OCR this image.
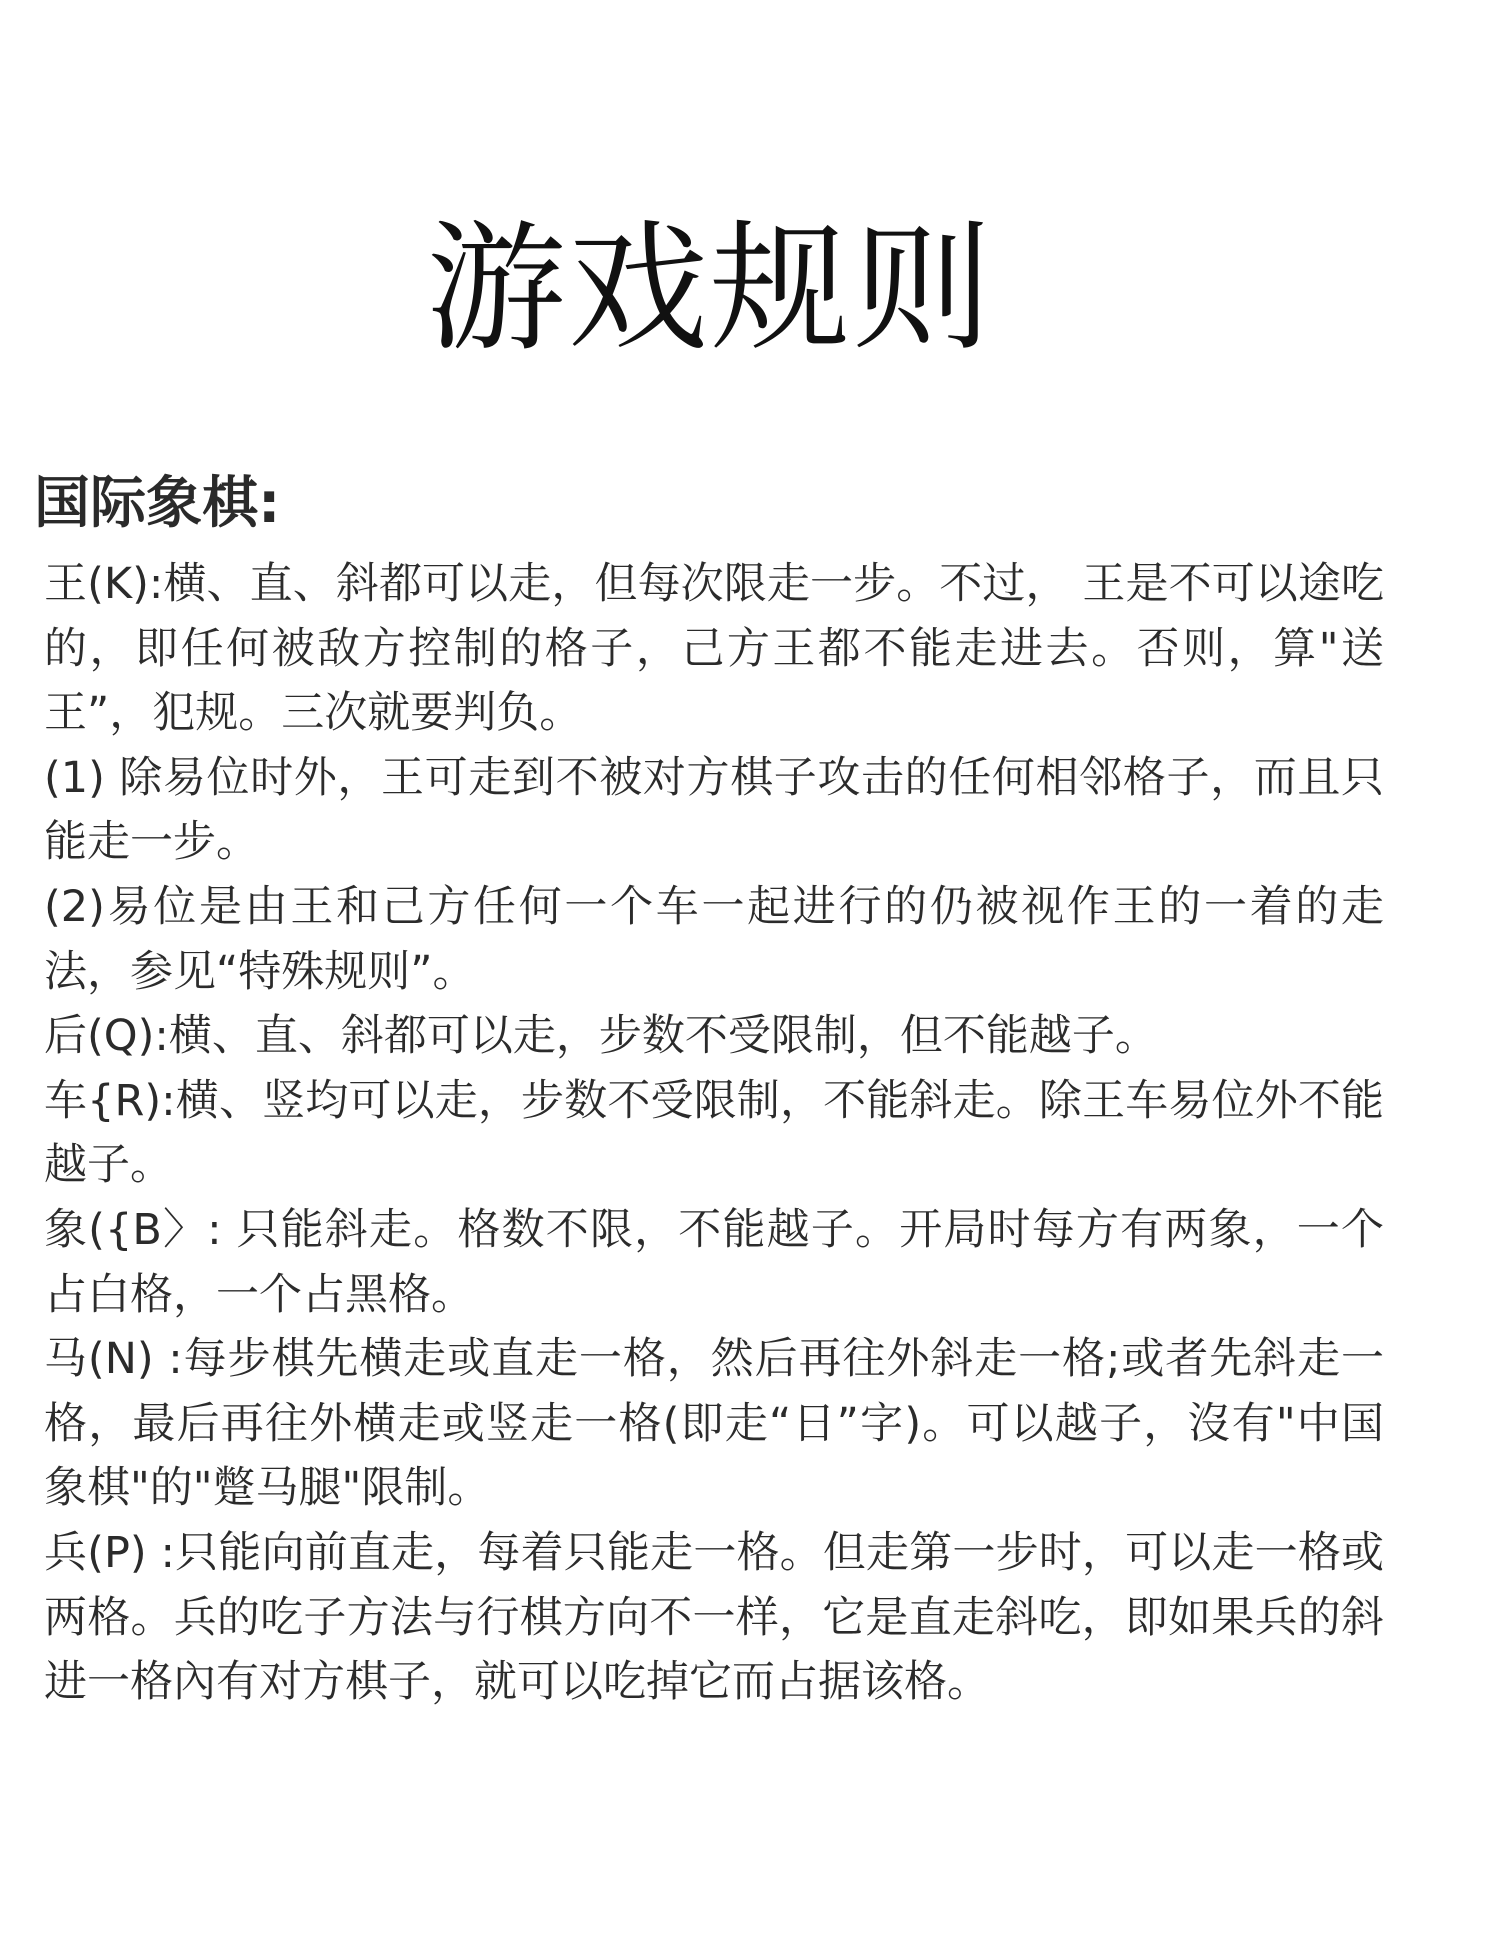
游戏规则
国际象棋:

王(K):横、直、斜都可以走，但每次限走一步。不过， 王是不可以途吃的，即任何被敌方控制的格子，己方王都不能走进去。否则，算"送王”，犯规。三次就要判负。

(1) 除易位时外，王可走到不被对方棋子攻击的任何相邻格子，而且只能走一步。

(2)易位是由王和己方任何一个车一起进行的仍被视作王的一着的走法，参见“特殊规则”。

后(Q):横、直、斜都可以走，步数不受限制，但不能越子。

车{R):横、竖均可以走，步数不受限制，不能斜走。除王车易位外不能越子。

象({B〉: 只能斜走。格数不限，不能越子。开局时每方有两象，一个占白格，一个占黑格。

马(N) :每步棋先横走或直走一格，然后再往外斜走一格;或者先斜走一格，最后再往外横走或竖走一格(即走“日”字)。可以越子，沒有"中国象棋"的"蹩马腿"限制。

兵(P) :只能向前直走，每着只能走一格。但走第一步时，可以走一格或两格。兵的吃子方法与行棋方向不一样，它是直走斜吃，即如果兵的斜进一格內有对方棋子，就可以吃掉它而占据该格。
